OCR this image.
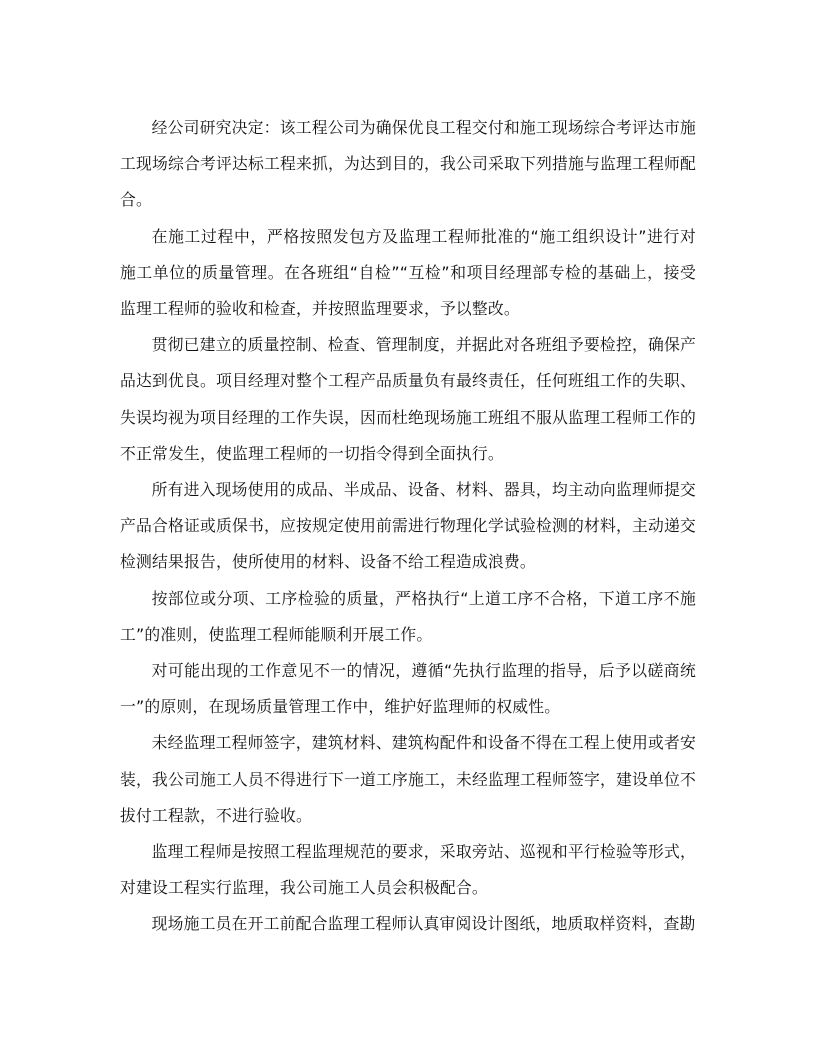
经公司研究决定：该工程公司为确保优良工程交付和施工现场综合考评达市施工现场综合考评达标工程来抓，为达到目的，我公司采取下列措施与监理工程师配合。

在施工过程中，严格按照发包方及监理工程师批准的“施工组织设计”进行对施工单位的质量管理。在各班组“自检”“互检”和项目经理部专检的基础上，接受监理工程师的验收和检查，并按照监理要求，予以整改。

贯彻已建立的质量控制、检查、管理制度，并据此对各班组予要检控，确保产品达到优良。项目经理对整个工程产品质量负有最终责任，任何班组工作的失职、失误均视为项目经理的工作失误，因而杜绝现场施工班组不服从监理工程师工作的不正常发生，使监理工程师的一切指令得到全面执行。

所有进入现场使用的成品、半成品、设备、材料、器具，均主动向监理师提交产品合格证或质保书，应按规定使用前需进行物理化学试验检测的材料，主动递交检测结果报告，使所使用的材料、设备不给工程造成浪费。

按部位或分项、工序检验的质量，严格执行“上道工序不合格，下道工序不施工”的准则，使监理工程师能顺利开展工作。

对可能出现的工作意见不一的情况，遵循“先执行监理的指导，后予以磋商统一”的原则，在现场质量管理工作中，维护好监理师的权威性。

未经监理工程师签字，建筑材料、建筑构配件和设备不得在工程上使用或者安装，我公司施工人员不得进行下一道工序施工，未经监理工程师签字，建设单位不拔付工程款，不进行验收。

监理工程师是按照工程监理规范的要求，采取旁站、巡视和平行检验等形式，对建设工程实行监理，我公司施工人员会积极配合。

现场施工员在开工前配合监理工程师认真审阅设计图纸，地质取样资料，查勘
